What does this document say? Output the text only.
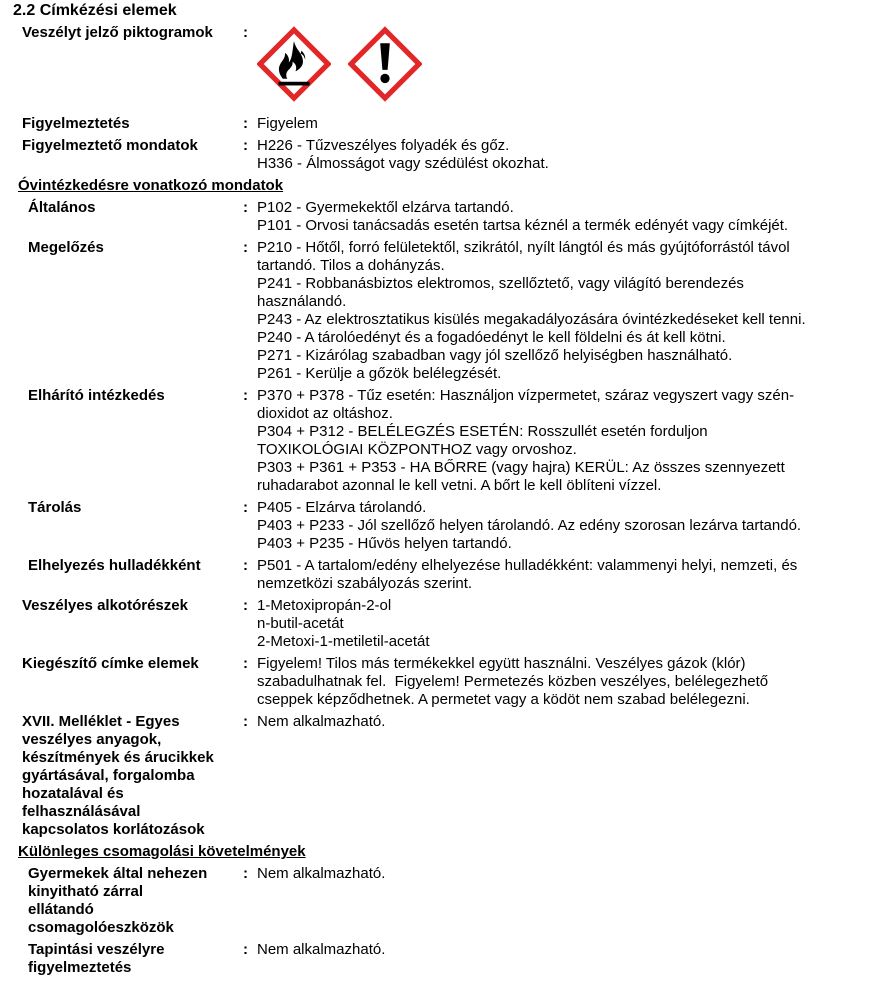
2.2 Címkézési elemek
Veszélyt jelző piktogramok	:
Figyelmeztetés	: Figyelem
Figyelmeztető mondatok	: H226 - Tűzveszélyes folyadék és gőz.
H336 - Álmosságot vagy szédülést okozhat.
Óvintézkedésre vonatkozó mondatok
Általános	: P102 - Gyermekektől elzárva tartandó.
P101 - Orvosi tanácsadás esetén tartsa kéznél a termék edényét vagy címkéjét.
Megelőzés	: P210 - Hőtől, forró felületektől, szikrától, nyílt lángtól és más gyújtóforrástól távol
tartandó. Tilos a dohányzás.
P241 - Robbanásbiztos elektromos, szellőztető, vagy világító berendezés
használandó.
P243 - Az elektrosztatikus kisülés megakadályozására óvintézkedéseket kell tenni.
P240 - A tárolóedényt és a fogadóedényt le kell földelni és át kell kötni.
P271 - Kizárólag szabadban vagy jól szellőző helyiségben használható.
P261 - Kerülje a gőzök belélegzését.
Elhárító intézkedés	: P370 + P378 - Tűz esetén: Használjon vízpermetet, száraz vegyszert vagy szén-
dioxidot az oltáshoz.
P304 + P312 - BELÉLEGZÉS ESETÉN: Rosszullét esetén forduljon
TOXIKOLÓGIAI KÖZPONTHOZ vagy orvoshoz.
P303 + P361 + P353 - HA BŐRRE (vagy hajra) KERÜL: Az összes szennyezett
ruhadarabot azonnal le kell vetni. A bőrt le kell öblíteni vízzel.
Tárolás	: P405 - Elzárva tárolandó.
P403 + P233 - Jól szellőző helyen tárolandó. Az edény szorosan lezárva tartandó.
P403 + P235 - Hűvös helyen tartandó.
Elhelyezés hulladékként	: P501 - A tartalom/edény elhelyezése hulladékként: valammenyi helyi, nemzeti, és
nemzetközi szabályozás szerint.
Veszélyes alkotórészek	: 1-Metoxipropán-2-ol
n-butil-acetát
2-Metoxi-1-metiletil-acetát
Kiegészítő címke elemek	: Figyelem! Tilos más termékekkel együtt használni. Veszélyes gázok (klór)
szabadulhatnak fel.  Figyelem! Permetezés közben veszélyes, belélegezhető
cseppek képződhetnek. A permetet vagy a ködöt nem szabad belélegezni.
XVII. Melléklet - Egyes
veszélyes anyagok,
készítmények és árucikkek
gyártásával, forgalomba
hozatalával és
felhasználásával
kapcsolatos korlátozások
: Nem alkalmazható.
Különleges csomagolási követelmények
Gyermekek által nehezen
kinyitható zárral
ellátandó
csomagolóeszközök
: Nem alkalmazható.
Tapintási veszélyre
figyelmeztetés
: Nem alkalmazható.
